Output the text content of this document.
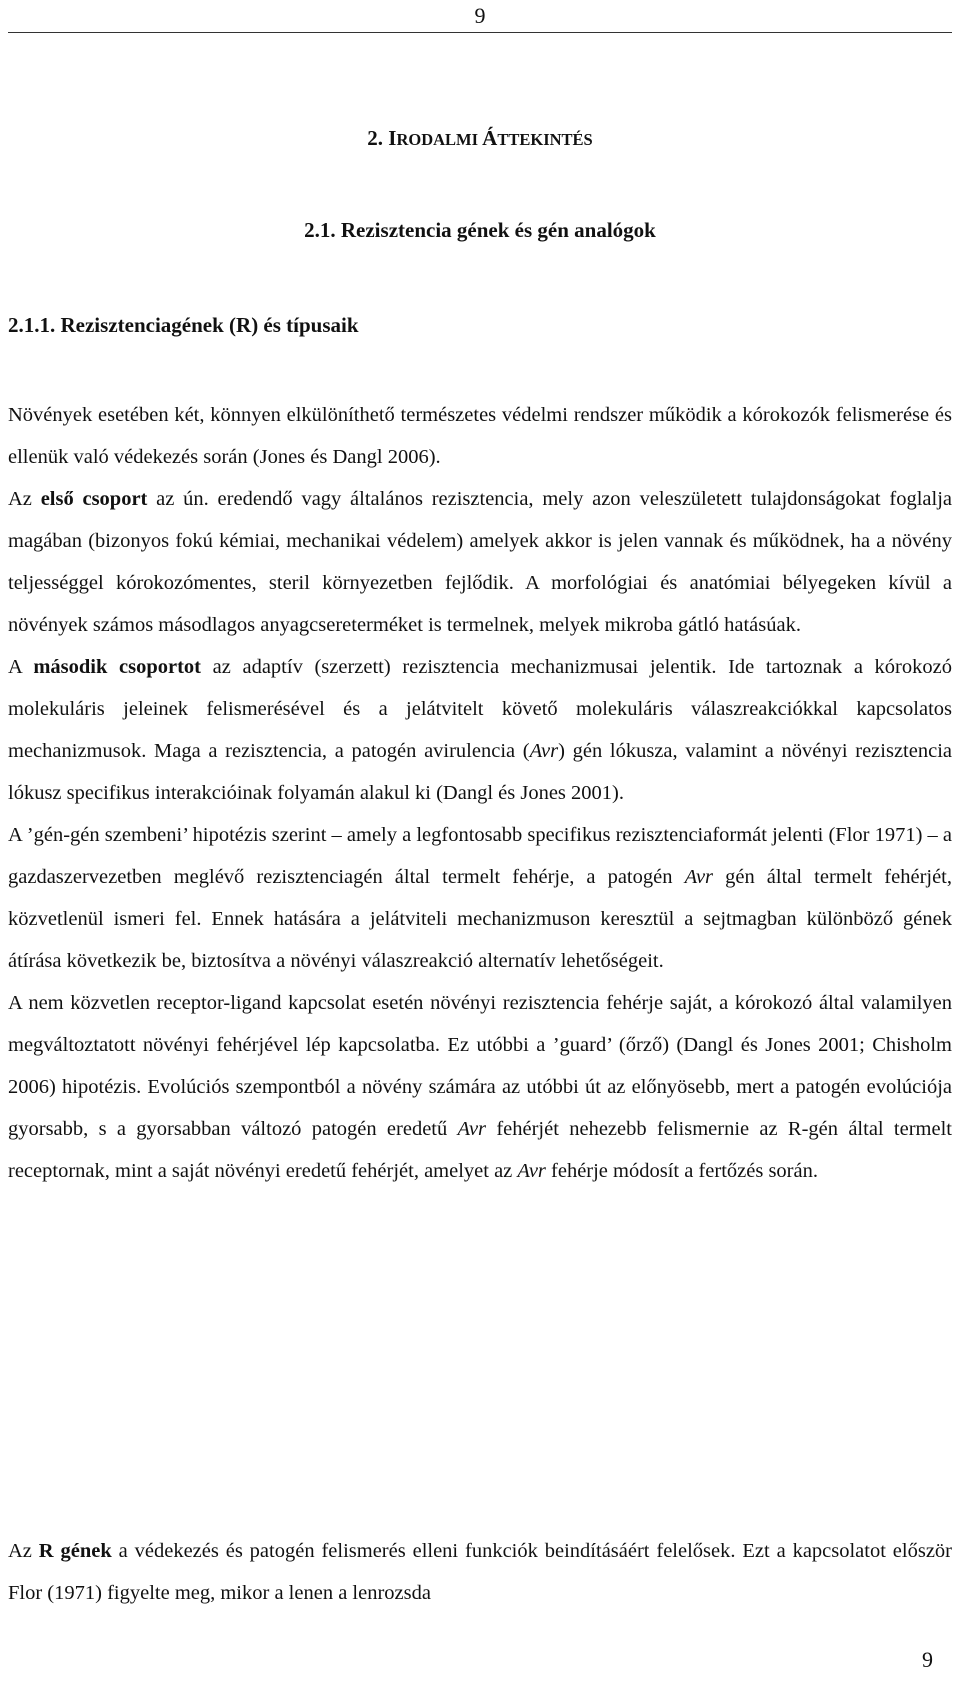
9
2. IRODALMI ÁTTEKINTÉS
2.1. Rezisztencia gének és gén analógok
2.1.1. Rezisztenciagének (R) és típusaik
Növények esetében két, könnyen elkülöníthető természetes védelmi rendszer működik a kórokozók felismerése és ellenük való védekezés során (Jones és Dangl 2006).
Az első csoport az ún. eredendő vagy általános rezisztencia, mely azon veleszületett tulajdonságokat foglalja magában (bizonyos fokú kémiai, mechanikai védelem) amelyek akkor is jelen vannak és működnek, ha a növény teljességgel kórokozómentes, steril környezetben fejlődik. A morfológiai és anatómiai bélyegeken kívül a növények számos másodlagos anyagcsereterméket is termelnek, melyek mikroba gátló hatásúak.
A második csoportot az adaptív (szerzett) rezisztencia mechanizmusai jelentik. Ide tartoznak a kórokozó molekuláris jeleinek felismerésével és a jelátvitelt követő molekuláris válaszreakciókkal kapcsolatos mechanizmusok. Maga a rezisztencia, a patogén avirulencia (Avr) gén lókusza, valamint a növényi rezisztencia lókusz specifikus interakcióinak folyamán alakul ki (Dangl és Jones 2001).
A ’gén-gén szembeni’ hipotézis szerint – amely a legfontosabb specifikus rezisztenciaformát jelenti (Flor 1971) – a gazdaszervezetben meglévő rezisztenciagén által termelt fehérje, a patogén Avr gén által termelt fehérjét, közvetlenül ismeri fel. Ennek hatására a jelátviteli mechanizmuson keresztül a sejtmagban különböző gének átírása következik be, biztosítva a növényi válaszreakció alternatív lehetőségeit.
A nem közvetlen receptor-ligand kapcsolat esetén növényi rezisztencia fehérje saját, a kórokozó által valamilyen megváltoztatott növényi fehérjével lép kapcsolatba. Ez utóbbi a ’guard’ (őrző) (Dangl és Jones 2001; Chisholm 2006) hipotézis. Evolúciós szempontból a növény számára az utóbbi út az előnyösebb, mert a patogén evolúciója gyorsabb, s a gyorsabban változó patogén eredetű Avr fehérjét nehezebb felismernie az R-gén által termelt receptornak, mint a saját növényi eredetű fehérjét, amelyet az Avr fehérje módosít a fertőzés során.
Az R gének a védekezés és patogén felismerés elleni funkciók beindításáért felelősek. Ezt a kapcsolatot először Flor (1971) figyelte meg, mikor a lenen a lenrozsda
9
